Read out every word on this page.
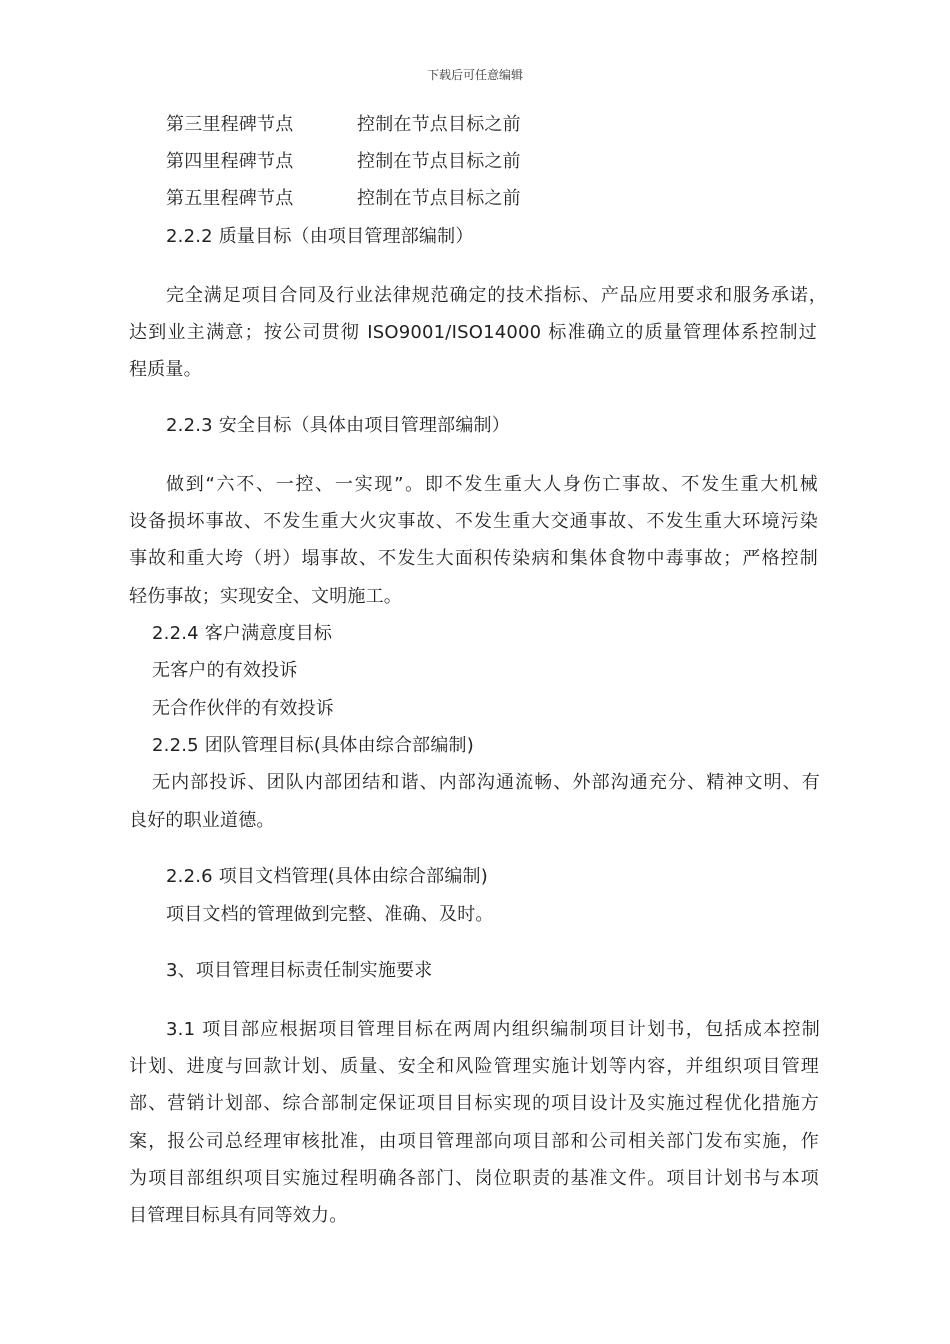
下载后可任意编辑
第三里程碑节点	控制在节点目标之前
第四里程碑节点	控制在节点目标之前
第五里程碑节点	控制在节点目标之前
2.2.2 质量目标（由项目管理部编制）
完全满足项目合同及行业法律规范确定的技术指标、产品应用要求和服务承诺，
达到业主满意；按公司贯彻 ISO9001/ISO14000 标准确立的质量管理体系控制过
程质量。
2.2.3 安全目标（具体由项目管理部编制）
做到“六不、一控、一实现”。即不发生重大人身伤亡事故、不发生重大机械
设备损坏事故、不发生重大火灾事故、不发生重大交通事故、不发生重大环境污染
事故和重大垮（坍）塌事故、不发生大面积传染病和集体食物中毒事故；严格控制
轻伤事故；实现安全、文明施工。
2.2.4 客户满意度目标
无客户的有效投诉
无合作伙伴的有效投诉
2.2.5 团队管理目标(具体由综合部编制)
无内部投诉、团队内部团结和谐、内部沟通流畅、外部沟通充分、精神文明、有
良好的职业道德。
2.2.6 项目文档管理(具体由综合部编制)
项目文档的管理做到完整、准确、及时。
3、项目管理目标责任制实施要求
3.1 项目部应根据项目管理目标在两周内组织编制项目计划书，包括成本控制
计划、进度与回款计划、质量、安全和风险管理实施计划等内容，并组织项目管理
部、营销计划部、综合部制定保证项目目标实现的项目设计及实施过程优化措施方
案，报公司总经理审核批准，由项目管理部向项目部和公司相关部门发布实施，作
为项目部组织项目实施过程明确各部门、岗位职责的基准文件。项目计划书与本项
目管理目标具有同等效力。
